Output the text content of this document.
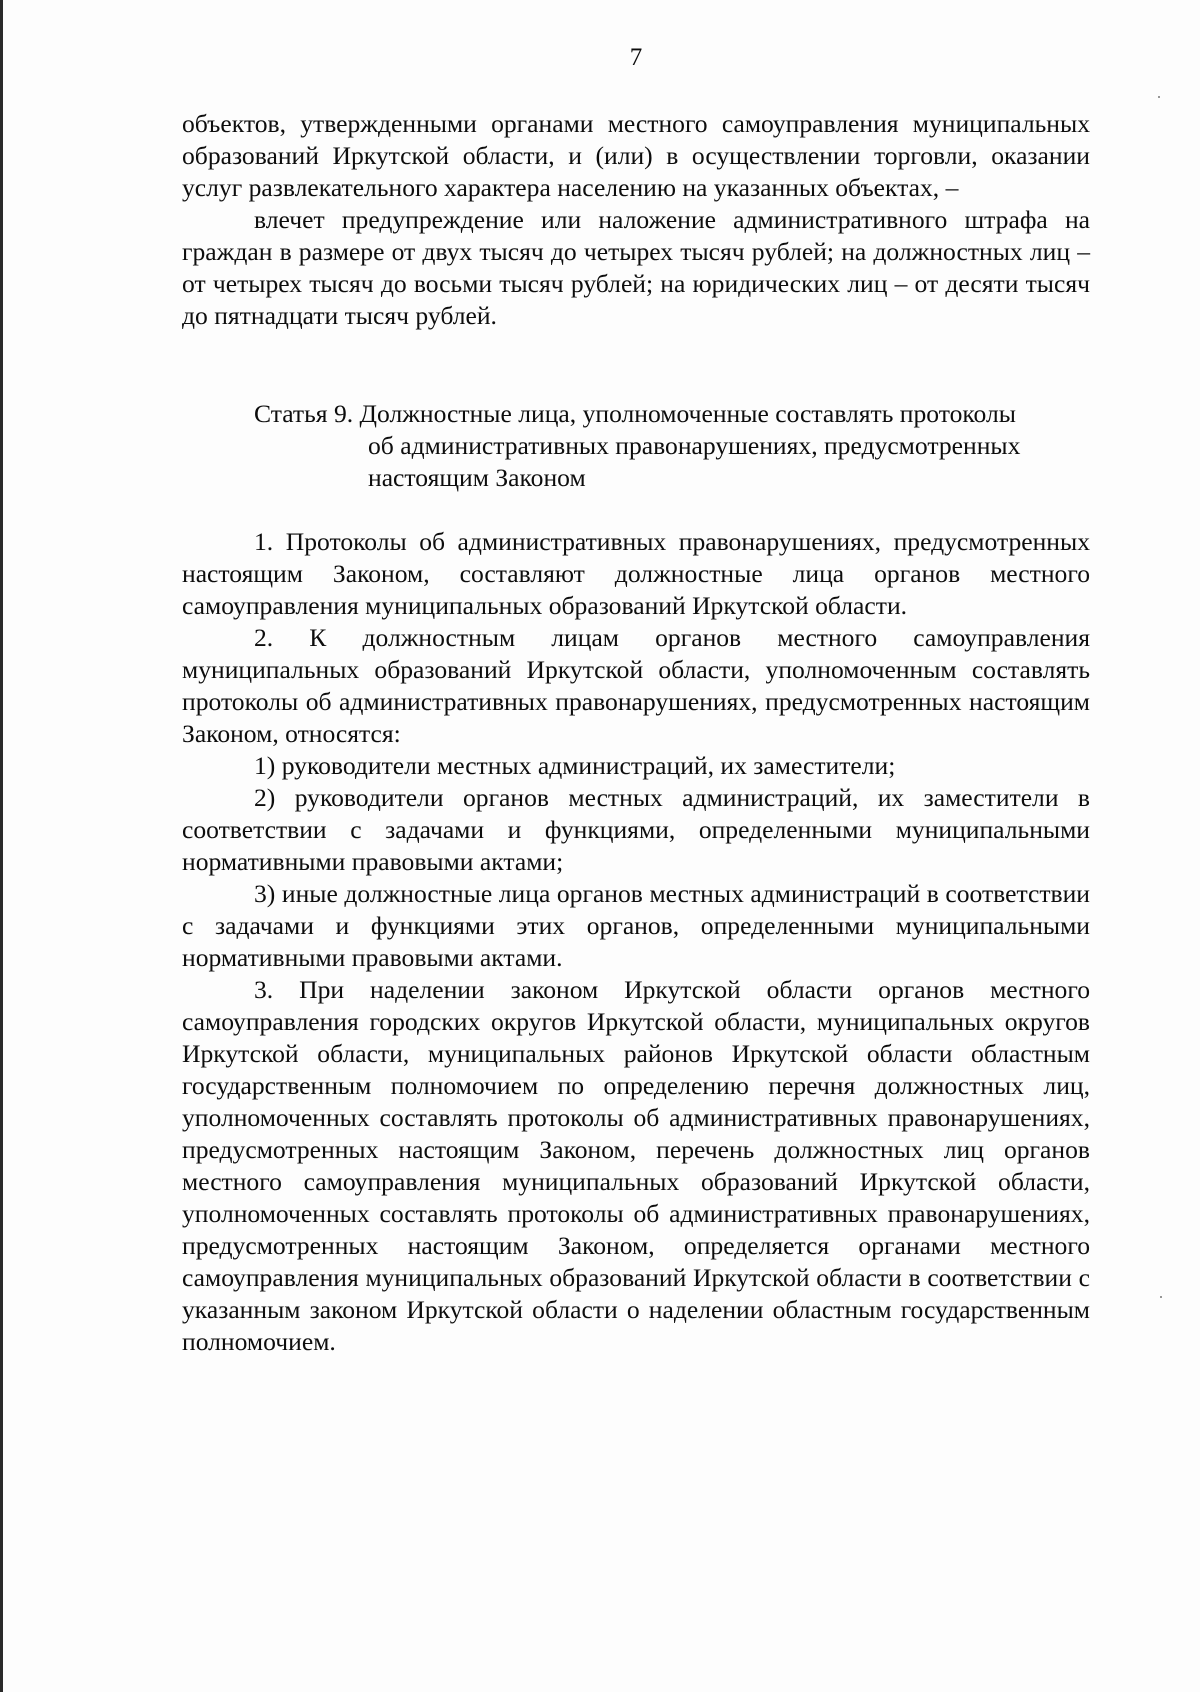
7

объектов, утвержденными органами местного самоуправления муниципальных образований Иркутской области, и (или) в осуществлении торговли, оказании услуг развлекательного характера населению на указанных объектах, –

влечет предупреждение или наложение административного штрафа на граждан в размере от двух тысяч до четырех тысяч рублей; на должностных лиц – от четырех тысяч до восьми тысяч рублей; на юридических лиц – от десяти тысяч до пятнадцати тысяч рублей.

Статья 9. Должностные лица, уполномоченные составлять протоколы
об административных правонарушениях, предусмотренных
настоящим Законом

1. Протоколы об административных правонарушениях, предусмотренных настоящим Законом, составляют должностные лица органов местного самоуправления муниципальных образований Иркутской области.

2. К должностным лицам органов местного самоуправления муниципальных образований Иркутской области, уполномоченным составлять протоколы об административных правонарушениях, предусмотренных настоящим Законом, относятся:

1) руководители местных администраций, их заместители;

2) руководители органов местных администраций, их заместители в соответствии с задачами и функциями, определенными муниципальными нормативными правовыми актами;

3) иные должностные лица органов местных администраций в соответствии с задачами и функциями этих органов, определенными муниципальными нормативными правовыми актами.

3. При наделении законом Иркутской области органов местного самоуправления городских округов Иркутской области, муниципальных округов Иркутской области, муниципальных районов Иркутской области областным государственным полномочием по определению перечня должностных лиц, уполномоченных составлять протоколы об административных правонарушениях, предусмотренных настоящим Законом, перечень должностных лиц органов местного самоуправления муниципальных образований Иркутской области, уполномоченных составлять протоколы об административных правонарушениях, предусмотренных настоящим Законом, определяется органами местного самоуправления муниципальных образований Иркутской области в соответствии с указанным законом Иркутской области о наделении областным государственным полномочием.
